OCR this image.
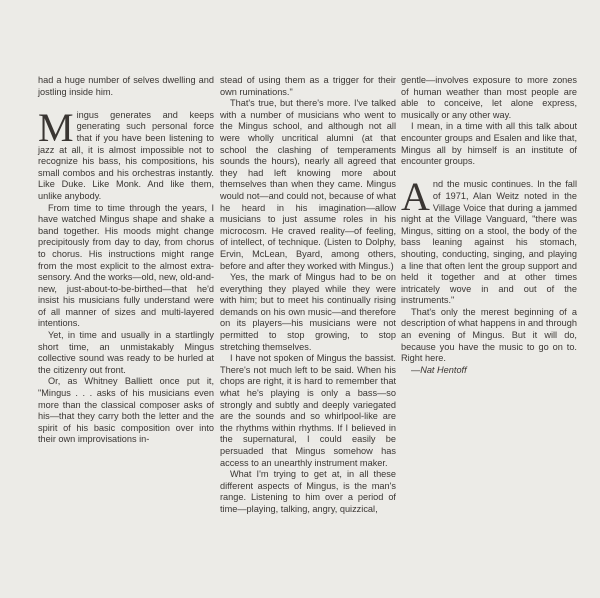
had a huge number of selves dwelling and jostling inside him.

Mingus generates and keeps generating such personal force that if you have been listening to jazz at all, it is almost impossible not to recognize his bass, his compositions, his small combos and his orchestras instantly. Like Duke. Like Monk. And like them, unlike anybody.

From time to time through the years, I have watched Mingus shape and shake a band together. His moods might change precipitously from day to day, from chorus to chorus. His instructions might range from the most explicit to the almost extra-sensory. And the works—old, new, old-and-new, just-about-to-be-birthed—that he'd insist his musicians fully understand were of all manner of sizes and multi-layered intentions.

Yet, in time and usually in a startlingly short time, an unmistakably Mingus collective sound was ready to be hurled at the citizenry out front.

Or, as Whitney Balliett once put it, "Mingus . . . asks of his musicians even more than the classical composer asks of his—that they carry both the letter and the spirit of his basic composition over into their own improvisations in-

stead of using them as a trigger for their own ruminations."

That's true, but there's more. I've talked with a number of musicians who went to the Mingus school, and although not all were wholly uncritical alumni (at that school the clashing of temperaments sounds the hours), nearly all agreed that they had left knowing more about themselves than when they came. Mingus would not—and could not, because of what he heard in his imagination—allow musicians to just assume roles in his microcosm. He craved reality—of feeling, of intellect, of technique. (Listen to Dolphy, Ervin, McLean, Byard, among others, before and after they worked with Mingus.)

Yes, the mark of Mingus had to be on everything they played while they were with him; but to meet his continually rising demands on his own music—and therefore on its players—his musicians were not permitted to stop growing, to stop stretching themselves.

I have not spoken of Mingus the bassist. There's not much left to be said. When his chops are right, it is hard to remember that what he's playing is only a bass—so strongly and subtly and deeply variegated are the sounds and so whirlpool-like are the rhythms within rhythms. If I believed in the supernatural, I could easily be persuaded that Mingus somehow has access to an unearthly instrument maker.

What I'm trying to get at, in all these different aspects of Mingus, is the man's range. Listening to him over a period of time—playing, talking, angry, quizzical,

gentle—involves exposure to more zones of human weather than most people are able to conceive, let alone express, musically or any other way.

I mean, in a time with all this talk about encounter groups and Esalen and like that, Mingus all by himself is an institute of encounter groups.

And the music continues. In the fall of 1971, Alan Weitz noted in the Village Voice that during a jammed night at the Village Vanguard, "there was Mingus, sitting on a stool, the body of the bass leaning against his stomach, shouting, conducting, singing, and playing a line that often lent the group support and held it together and at other times intricately wove in and out of the instruments."

That's only the merest beginning of a description of what happens in and through an evening of Mingus. But it will do, because you have the music to go on to. Right here.

—Nat Hentoff
